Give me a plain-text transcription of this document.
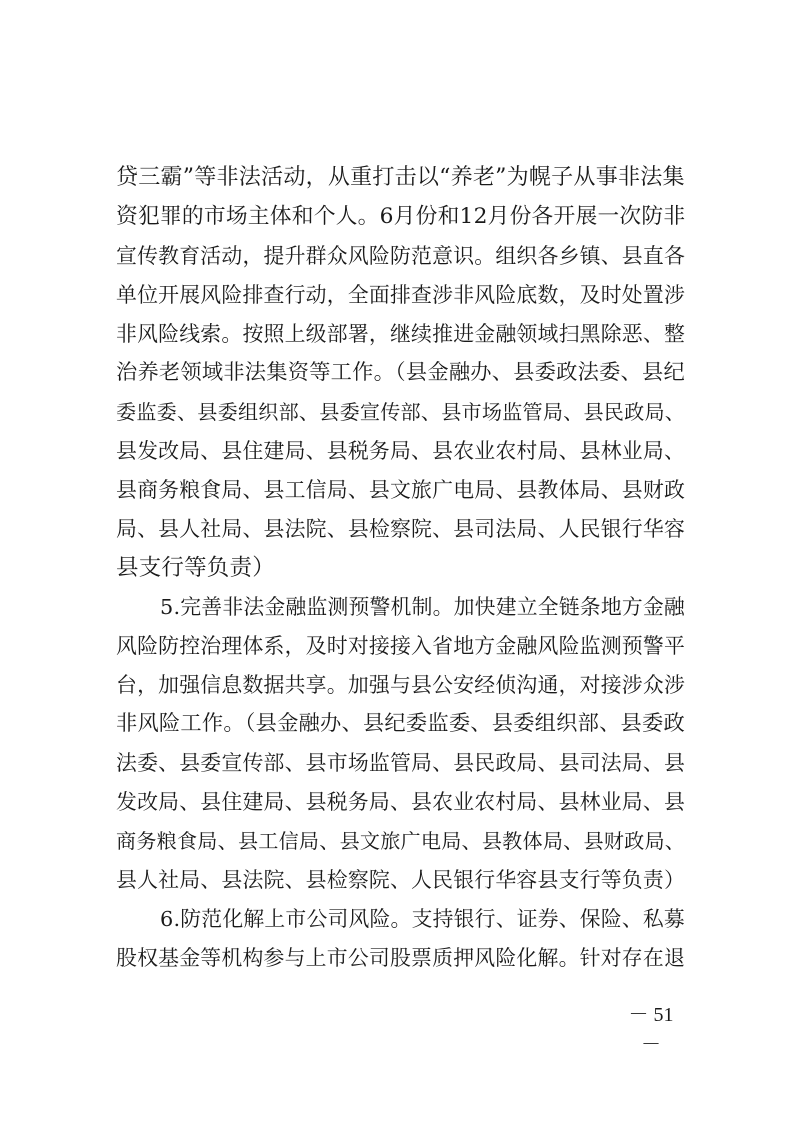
贷三霸”等非法活动，从重打击以“养老”为幌子从事非法集
资犯罪的市场主体和个人。6月份和12月份各开展一次防非
宣传教育活动，提升群众风险防范意识。组织各乡镇、县直各
单位开展风险排查行动，全面排查涉非风险底数，及时处置涉
非风险线索。按照上级部署，继续推进金融领域扫黑除恶、整
治养老领域非法集资等工作。（县金融办、县委政法委、县纪
委监委、县委组织部、县委宣传部、县市场监管局、县民政局、
县发改局、县住建局、县税务局、县农业农村局、县林业局、
县商务粮食局、县工信局、县文旅广电局、县教体局、县财政
局、县人社局、县法院、县检察院、县司法局、人民银行华容
县支行等负责）
5.完善非法金融监测预警机制。加快建立全链条地方金融
风险防控治理体系，及时对接接入省地方金融风险监测预警平
台，加强信息数据共享。加强与县公安经侦沟通，对接涉众涉
非风险工作。（县金融办、县纪委监委、县委组织部、县委政
法委、县委宣传部、县市场监管局、县民政局、县司法局、县
发改局、县住建局、县税务局、县农业农村局、县林业局、县
商务粮食局、县工信局、县文旅广电局、县教体局、县财政局、
县人社局、县法院、县检察院、人民银行华容县支行等负责）
6.防范化解上市公司风险。支持银行、证券、保险、私募
股权基金等机构参与上市公司股票质押风险化解。针对存在退
－ 51 －
